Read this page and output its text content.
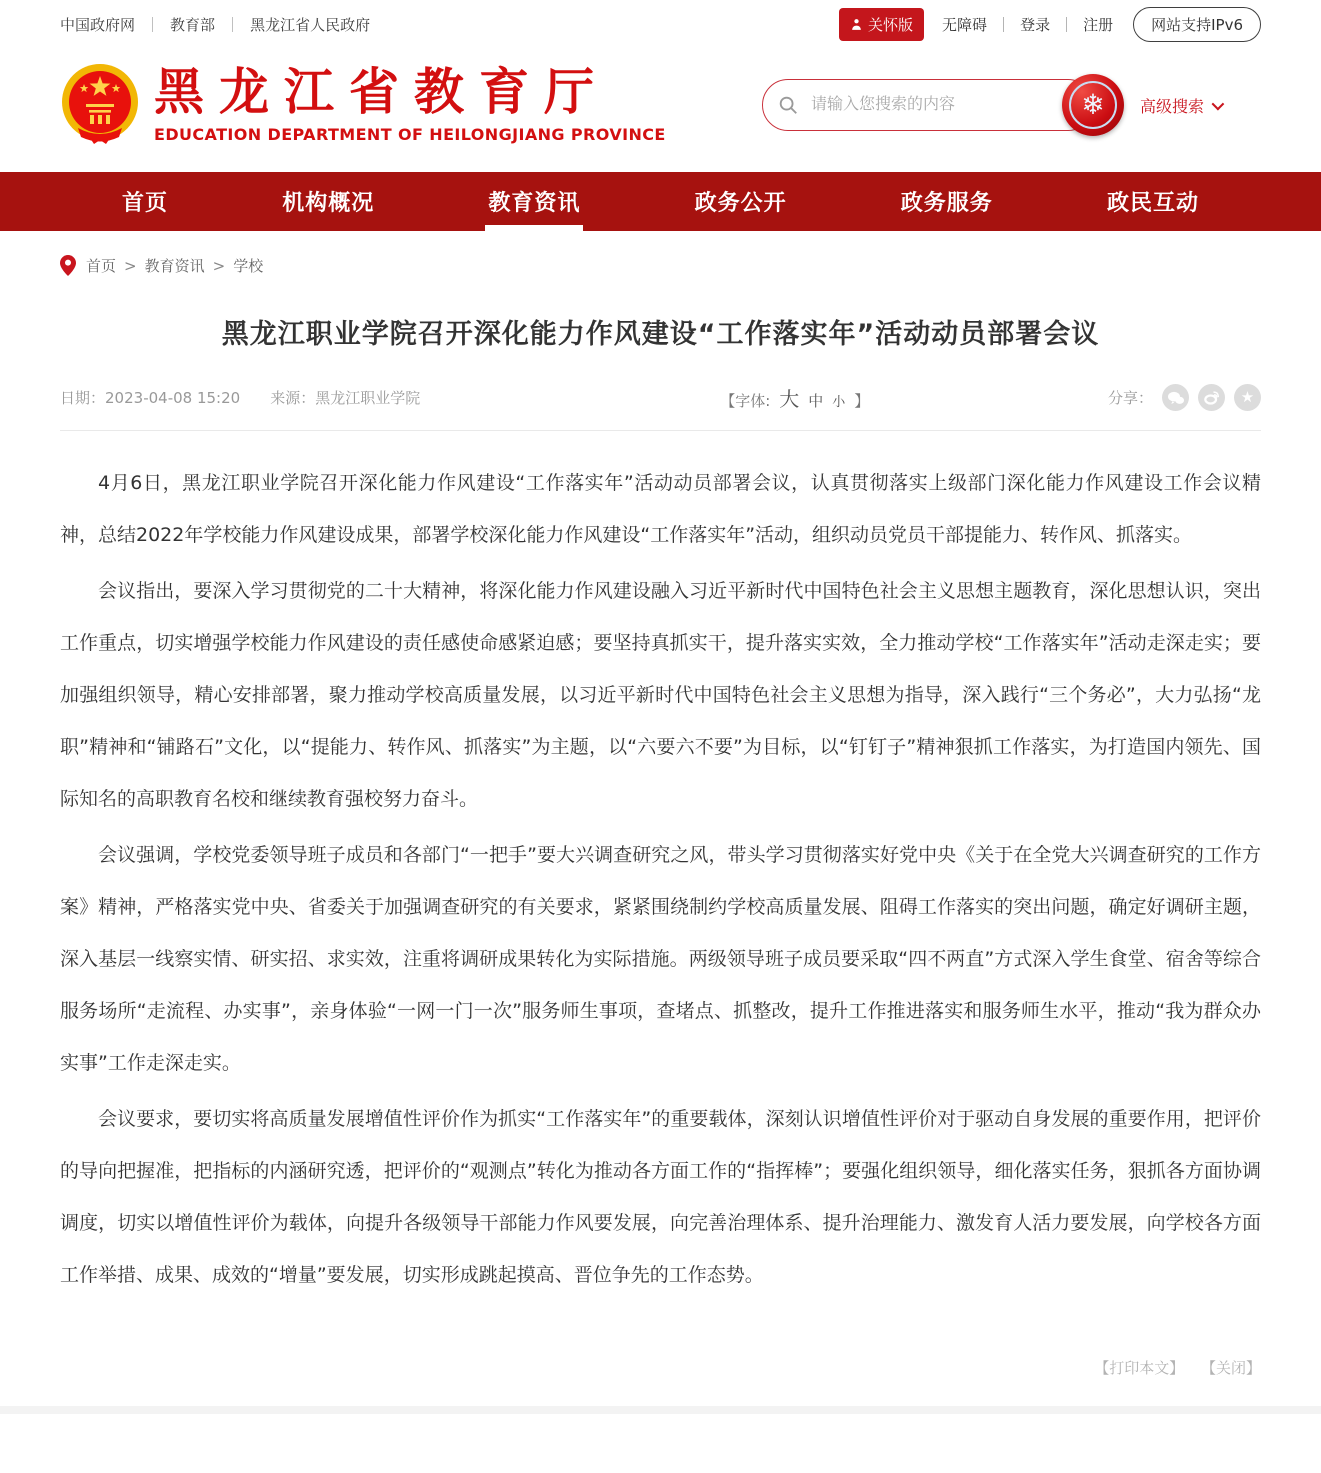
中国政府网 ｜ 教育部 ｜ 黑龙江省人民政府	关怀版 无障碍 ｜ 登录 ｜ 注册	网站支持IPv6
黑龙江省教育厅
EDUCATION DEPARTMENT OF HEILONGJIANG PROVINCE
请输入您搜索的内容
❄	高级搜索
首页	机构概况	教育资讯	政务公开	政务服务	政民互动
首页 > 教育资讯 > 学校
黑龙江职业学院召开深化能力作风建设“工作落实年”活动动员部署会议
日期： 2023-04-08 15:20 来源： 黑龙江职业学院	【字体: 大 中 小 】	分享：	★

4月6日，黑龙江职业学院召开深化能力作风建设“工作落实年”活动动员部署会议，认真贯彻落实上级部门深化能力作风建设工作会议精神，总结2022年学校能力作风建设成果，部署学校深化能力作风建设“工作落实年”活动，组织动员党员干部提能力、转作风、抓落实。

会议指出，要深入学习贯彻党的二十大精神，将深化能力作风建设融入习近平新时代中国特色社会主义思想主题教育，深化思想认识，突出工作重点，切实增强学校能力作风建设的责任感使命感紧迫感；要坚持真抓实干，提升落实实效，全力推动学校“工作落实年”活动走深走实；要加强组织领导，精心安排部署，聚力推动学校高质量发展，以习近平新时代中国特色社会主义思想为指导，深入践行“三个务必”，大力弘扬“龙职”精神和“铺路石”文化，以“提能力、转作风、抓落实”为主题，以“六要六不要”为目标，以“钉钉子”精神狠抓工作落实，为打造国内领先、国际知名的高职教育名校和继续教育强校努力奋斗。

会议强调，学校党委领导班子成员和各部门“一把手”要大兴调查研究之风，带头学习贯彻落实好党中央《关于在全党大兴调查研究的工作方案》精神，严格落实党中央、省委关于加强调查研究的有关要求，紧紧围绕制约学校高质量发展、阻碍工作落实的突出问题，确定好调研主题，深入基层一线察实情、研实招、求实效，注重将调研成果转化为实际措施。两级领导班子成员要采取“四不两直”方式深入学生食堂、宿舍等综合服务场所“走流程、办实事”，亲身体验“一网一门一次”服务师生事项，查堵点、抓整改，提升工作推进落实和服务师生水平，推动“我为群众办实事”工作走深走实。

会议要求，要切实将高质量发展增值性评价作为抓实“工作落实年”的重要载体，深刻认识增值性评价对于驱动自身发展的重要作用，把评价的导向把握准，把指标的内涵研究透，把评价的“观测点”转化为推动各方面工作的“指挥棒”；要强化组织领导，细化落实任务，狠抓各方面协调调度，切实以增值性评价为载体，向提升各级领导干部能力作风要发展，向完善治理体系、提升治理能力、激发育人活力要发展，向学校各方面工作举措、成果、成效的“增量”要发展，切实形成跳起摸高、晋位争先的工作态势。

【打印本文】 【关闭】
